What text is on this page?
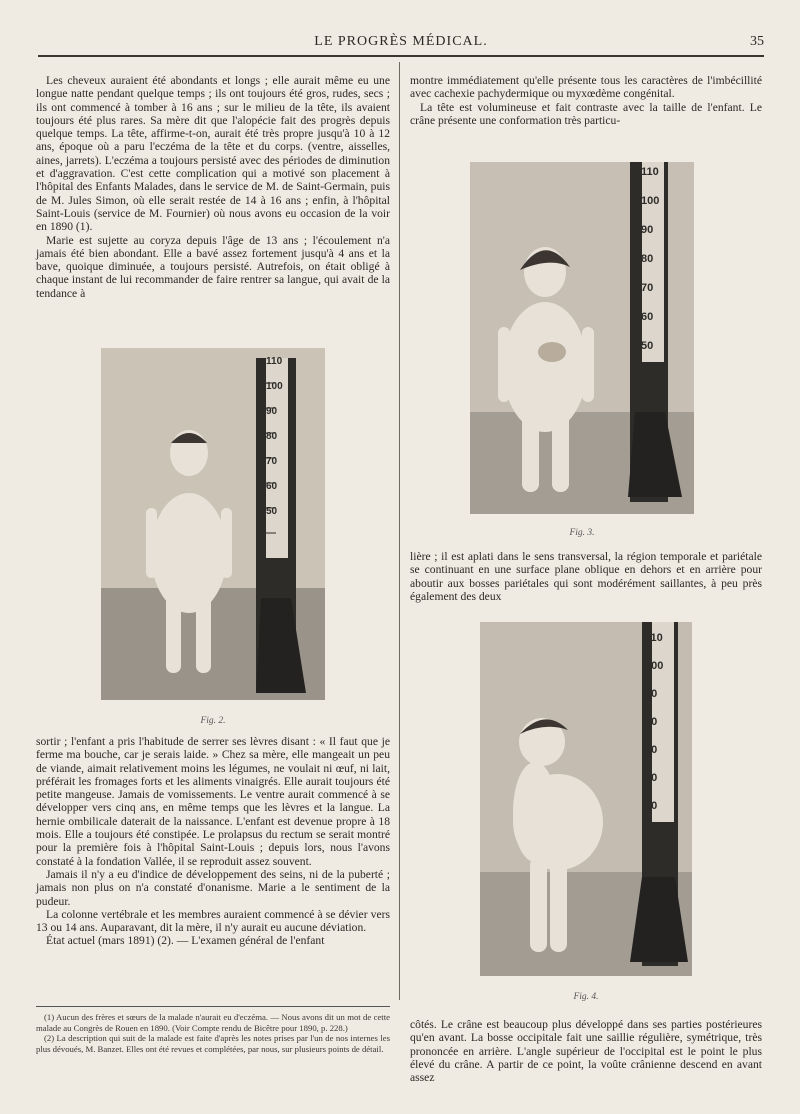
LE PROGRÈS MÉDICAL.	35

Les cheveux auraient été abondants et longs ; elle aurait même eu une longue natte pendant quelque temps ; ils ont toujours été gros, rudes, secs ; ils ont commencé à tomber à 16 ans ; sur le milieu de la tête, ils avaient toujours été plus rares. Sa mère dit que l'alopécie fait des progrès depuis quelque temps. La tête, affirme-t-on, aurait été très propre jusqu'à 10 à 12 ans, époque où a paru l'eczéma de la tête et du corps. (ventre, aisselles, aines, jarrets). L'eczéma a toujours persisté avec des périodes de diminution et d'aggravation. C'est cette complication qui a motivé son placement à l'hôpital des Enfants Malades, dans le service de M. de Saint-Germain, puis de M. Jules Simon, où elle serait restée de 14 à 16 ans ; enfin, à l'hôpital Saint-Louis (service de M. Fournier) où nous avons eu occasion de la voir en 1890 (1).

Marie est sujette au coryza depuis l'âge de 13 ans ; l'écoulement n'a jamais été bien abondant. Elle a bavé assez fortement jusqu'à 4 ans et la bave, quoique diminuée, a toujours persisté. Autrefois, on était obligé à chaque instant de lui recommander de faire rentrer sa langue, qui avait de la tendance à

110
100
90
80
70
60
50
Fig. 2.

sortir ; l'enfant a pris l'habitude de serrer ses lèvres disant : « Il faut que je ferme ma bouche, car je serais laide. » Chez sa mère, elle mangeait un peu de viande, aimait relativement moins les légumes, ne voulait ni œuf, ni lait, préférait les fromages forts et les aliments vinaigrés. Elle aurait toujours été petite mangeuse. Jamais de vomissements. Le ventre aurait commencé à se développer vers cinq ans, en même temps que les lèvres et la langue. La hernie ombilicale daterait de la naissance. L'enfant est devenue propre à 18 mois. Elle a toujours été constipée. Le prolapsus du rectum se serait montré pour la première fois à l'hôpital Saint-Louis ; depuis lors, nous l'avons constaté à la fondation Vallée, il se reproduit assez souvent.

Jamais il n'y a eu d'indice de développement des seins, ni de la puberté ; jamais non plus on n'a constaté d'onanisme. Marie a le sentiment de la pudeur.

La colonne vertébrale et les membres auraient commencé à se dévier vers 13 ou 14 ans. Auparavant, dit la mère, il n'y aurait eu aucune déviation.

État actuel (mars 1891) (2). — L'examen général de l'enfant

(1) Aucun des frères et sœurs de la malade n'aurait eu d'eczéma. — Nous avons dit un mot de cette malade au Congrès de Rouen en 1890. (Voir Compte rendu de Bicêtre pour 1890, p. 228.)

(2) La description qui suit de la malade est faite d'après les notes prises par l'un de nos internes les plus dévoués, M. Banzet. Elles ont été revues et complétées, par nous, sur plusieurs points de détail.

montre immédiatement qu'elle présente tous les caractères de l'imbécillité avec cachexie pachydermique ou myxœdème congénital.

La tête est volumineuse et fait contraste avec la taille de l'enfant. Le crâne présente une conformation très particu-

110
100
90
80
70
60
50
Fig. 3.

lière ; il est aplati dans le sens transversal, la région temporale et pariétale se continuant en une surface plane oblique en dehors et en arrière pour aboutir aux bosses pariétales qui sont modérément saillantes, à peu près également des deux

110
100
90
80
70
60
50
Fig. 4.

côtés. Le crâne est beaucoup plus développé dans ses parties postérieures qu'en avant. La bosse occipitale fait une saillie régulière, symétrique, très prononcée en arrière. L'angle supérieur de l'occipital est le point le plus élevé du crâne. A partir de ce point, la voûte crânienne descend en avant assez
